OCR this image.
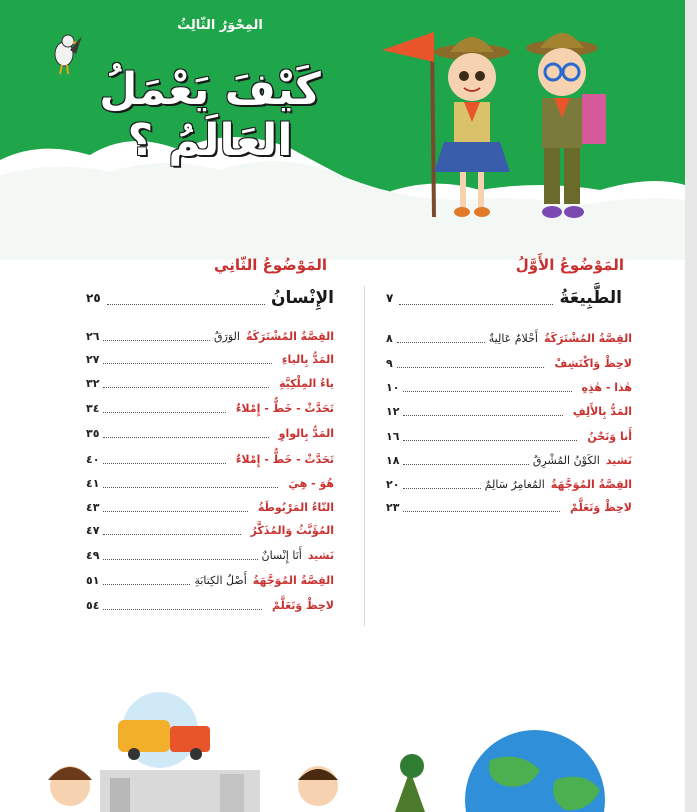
المِحْوَرُ الثّالِثُ
كَيْفَ يَعْمَلُ العَالَمُ ؟
المَوْضُوعُ الأَوَّلُ
المَوْضُوعُ الثّانِي
الطَّبِيعَةُ
٧
الإِنْسانُ
٢٥
القِصَّةُ المُشْتَرَكَةُ
أَحْلامٌ عَالِيةٌ
٨
لاحِظْ وَاكْتَشِفْ
٩
هٰذا - هٰذِهِ
١٠
المَدُّ بِالأَلِفِ
١٢
أَنا وَنَحْنُ
١٦
نَشيد
الكَوْنُ المُشْرِقُ
١٨
القِصَّةُ المُوَجَّهَةُ
المُغامِرُ سَالِمٌ
٢٠
لاحِظْ وَتَعَلَّمْ
٢٣
القِصَّةُ المُشْتَرَكَةُ
الوَرَقُ
٢٦
المَدُّ بِالياءِ
٢٧
ياءُ المِلْكِيَّةِ
٣٢
تَحَدَّثْ - خَطٌّ - إِمْلاءٌ
٣٤
المَدُّ بِالواوِ
٣٥
تَحَدَّثْ - خَطٌّ - إِمْلاءٌ
٤٠
هُوَ - هِيَ
٤١
التّاءُ المَرْبُوطَةُ
٤٣
المُؤَنَّثُ وَالمُذَكَّرُ
٤٧
نَشيد
أَنَا إِنْسانٌ
٤٩
القِصَّةُ المُوَجَّهَةُ
أَصْلُ الكِتابَةِ
٥١
لاحِظْ وَتَعَلَّمْ
٥٤
